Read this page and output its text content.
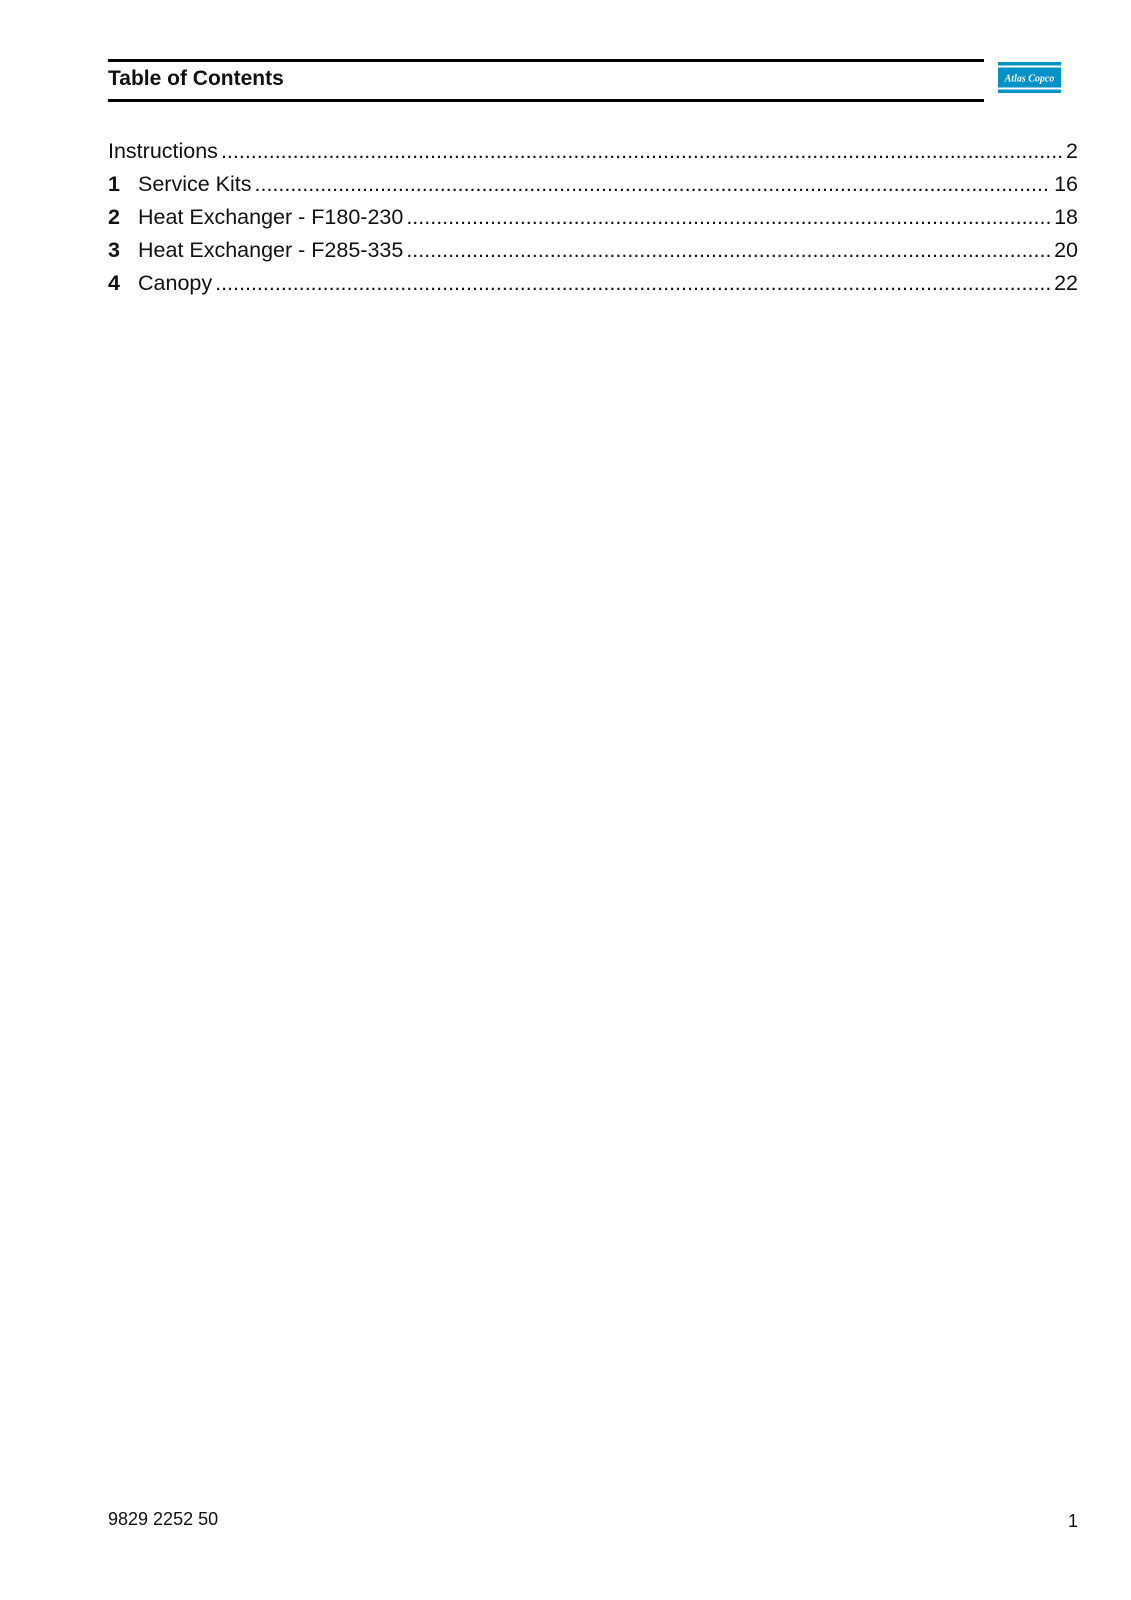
Table of Contents	Atlas Copco
Instructions .....	2
1 Service Kits .....	16
2 Heat Exchanger - F180-230 .....	18
3 Heat Exchanger - F285-335 .....	20
4 Canopy .....	22
9829 2252 50	1
